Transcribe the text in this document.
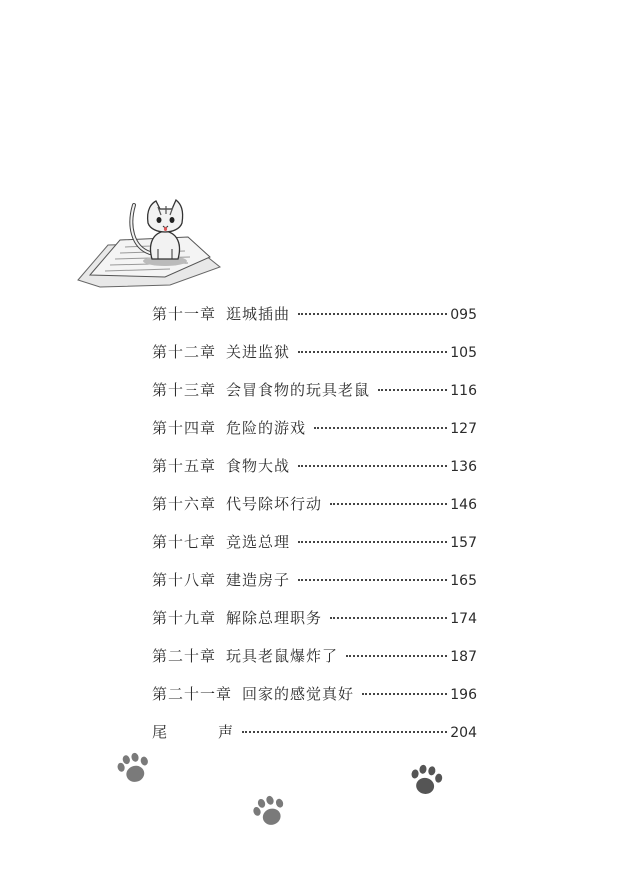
第十一章 逛城插曲	095
第十二章 关进监狱	105
第十三章 会冒食物的玩具老鼠	116
第十四章 危险的游戏	127
第十五章 食物大战	136
第十六章 代号除坏行动	146
第十七章 竞选总理	157
第十八章 建造房子	165
第十九章 解除总理职务	174
第二十章 玩具老鼠爆炸了	187
第二十一章 回家的感觉真好	196
尾	声	204
